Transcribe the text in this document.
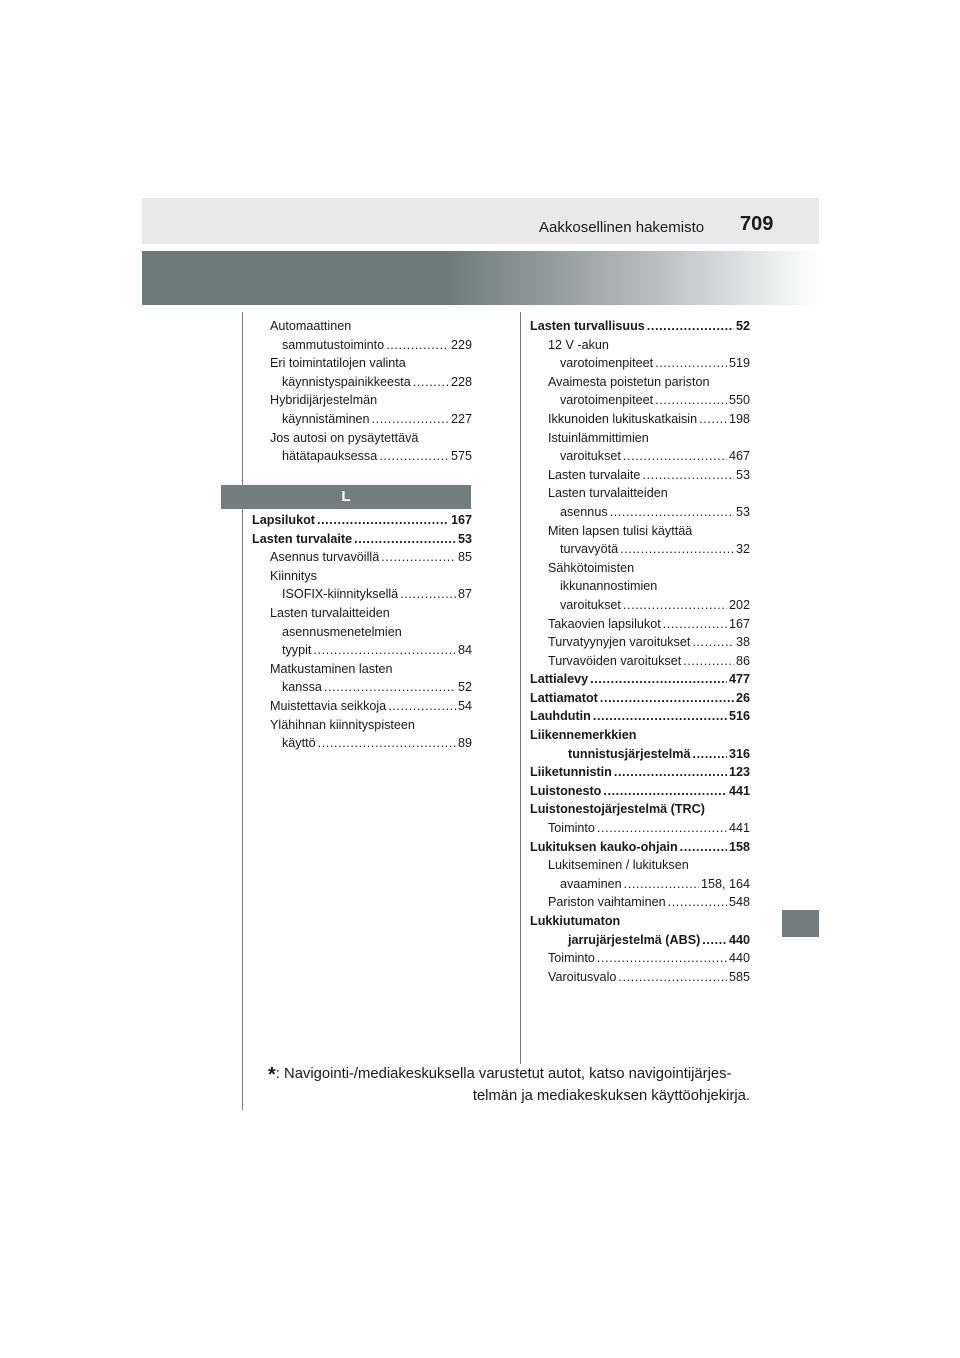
Aakkosellinen hakemisto 709
Automaattinen
sammutustoiminto .....	229
Eri toimintatilojen valinta
käynnistyspainikkeesta .....	228
Hybridijärjestelmän
käynnistäminen .....	227
Jos autosi on pysäytettävä
hätätapauksessa .....	575
L
Lapsilukot .....	167
Lasten turvalaite .....	53
Asennus turvavöillä .....	85
Kiinnitys
ISOFIX-kiinnityksellä .....	87
Lasten turvalaitteiden
asennusmenetelmien
tyypit .....	84
Matkustaminen lasten
kanssa .....	52
Muistettavia seikkoja .....	54
Ylähihnan kiinnityspisteen
käyttö .....	89
Lasten turvallisuus .....	52
12 V -akun
varotoimenpiteet .....	519
Avaimesta poistetun pariston
varotoimenpiteet .....	550
Ikkunoiden lukituskatkaisin .....	198
Istuinlämmittimien
varoitukset .....	467
Lasten turvalaite .....	53
Lasten turvalaitteiden
asennus .....	53
Miten lapsen tulisi käyttää
turvavyötä .....	32
Sähkötoimisten
ikkunannostimien
varoitukset .....	202
Takaovien lapsilukot .....	167
Turvatyynyjen varoitukset .....	38
Turvavöiden varoitukset .....	86
Lattialevy .....	477
Lattiamatot .....	26
Lauhdutin .....	516
Liikennemerkkien
tunnistusjärjestelmä .....	316
Liiketunnistin .....	123
Luistonesto .....	441
Luistonestojärjestelmä (TRC)
Toiminto .....	441
Lukituksen kauko-ohjain .....	158
Lukitseminen / lukituksen
avaaminen .....	158, 164
Pariston vaihtaminen .....	548
Lukkiutumaton
jarrujärjestelmä (ABS) ..... 440
Toiminto .....	440
Varoitusvalo .....	585
*: Navigointi-/mediakeskuksella varustetut autot, katso navigointijärjes-
telmän ja mediakeskuksen käyttöohjekirja.
